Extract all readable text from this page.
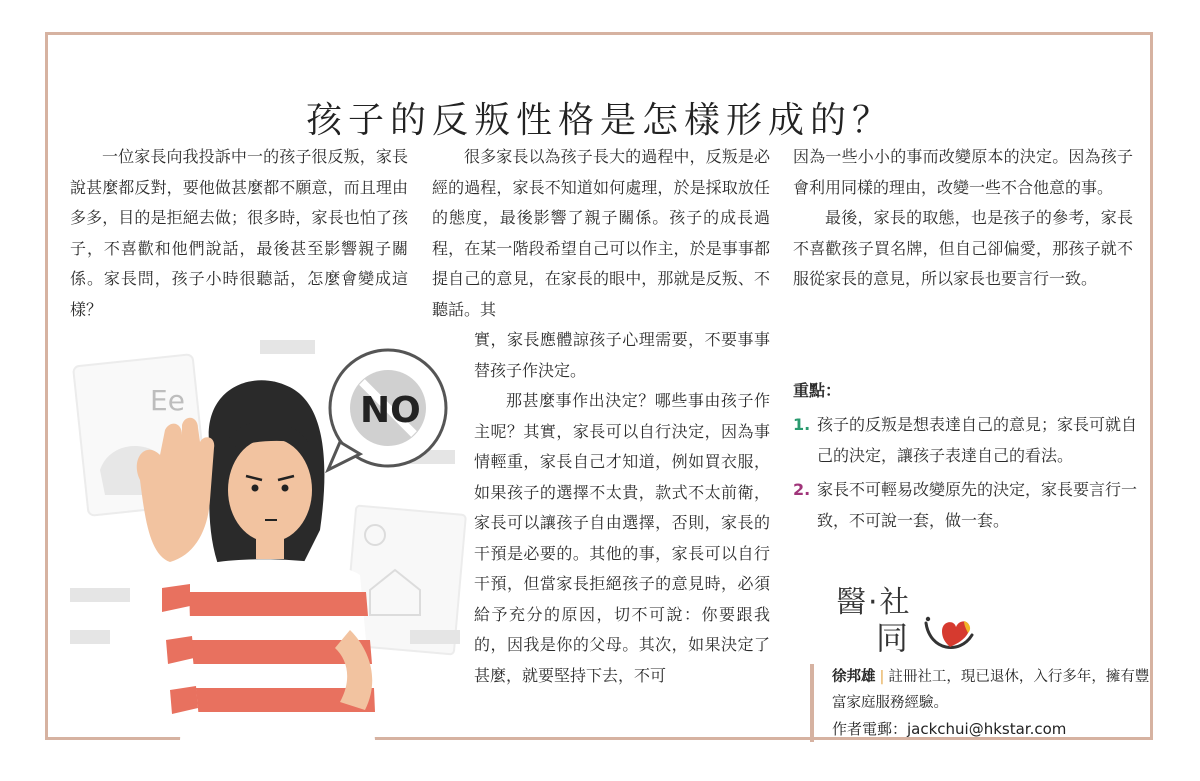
孩子的反叛性格是怎樣形成的？

一位家長向我投訴中一的孩子很反叛，家長說甚麼都反對，要他做甚麼都不願意，而且理由多多，目的是拒絕去做；很多時，家長也怕了孩子，不喜歡和他們說話，最後甚至影響親子關係。家長問，孩子小時很聽話，怎麼會變成這樣？

很多家長以為孩子長大的過程中，反叛是必經的過程，家長不知道如何處理，於是採取放任的態度，最後影響了親子關係。孩子的成長過程，在某一階段希望自己可以作主，於是事事都提自己的意見，在家長的眼中，那就是反叛、不聽話。其

實，家長應體諒孩子心理需要，不要事事替孩子作決定。

那甚麼事作出決定？哪些事由孩子作主呢？其實，家長可以自行決定，因為事情輕重，家長自己才知道，例如買衣服，如果孩子的選擇不太貴，款式不太前衛，家長可以讓孩子自由選擇，否則，家長的干預是必要的。其他的事，家長可以自行干預，但當家長拒絕孩子的意見時，必須給予充分的原因，切不可說：你要跟我的，因我是你的父母。其次，如果決定了甚麼，就要堅持下去，不可

因為一些小小的事而改變原本的決定。因為孩子會利用同樣的理由，改變一些不合他意的事。

最後，家長的取態，也是孩子的參考，家長不喜歡孩子買名牌，但自己卻偏愛，那孩子就不服從家長的意見，所以家長也要言行一致。

重點：
1. 孩子的反叛是想表達自己的意見；家長可就自己的決定，讓孩子表達自己的看法。
2. 家長不可輕易改變原先的決定，家長要言行一致，不可說一套，做一套。
醫·社
同
徐邦雄 | 註冊社工，現已退休，入行多年，擁有豐富家庭服務經驗。
作者電郵：jackchui@hkstar.com
Ee	NO
